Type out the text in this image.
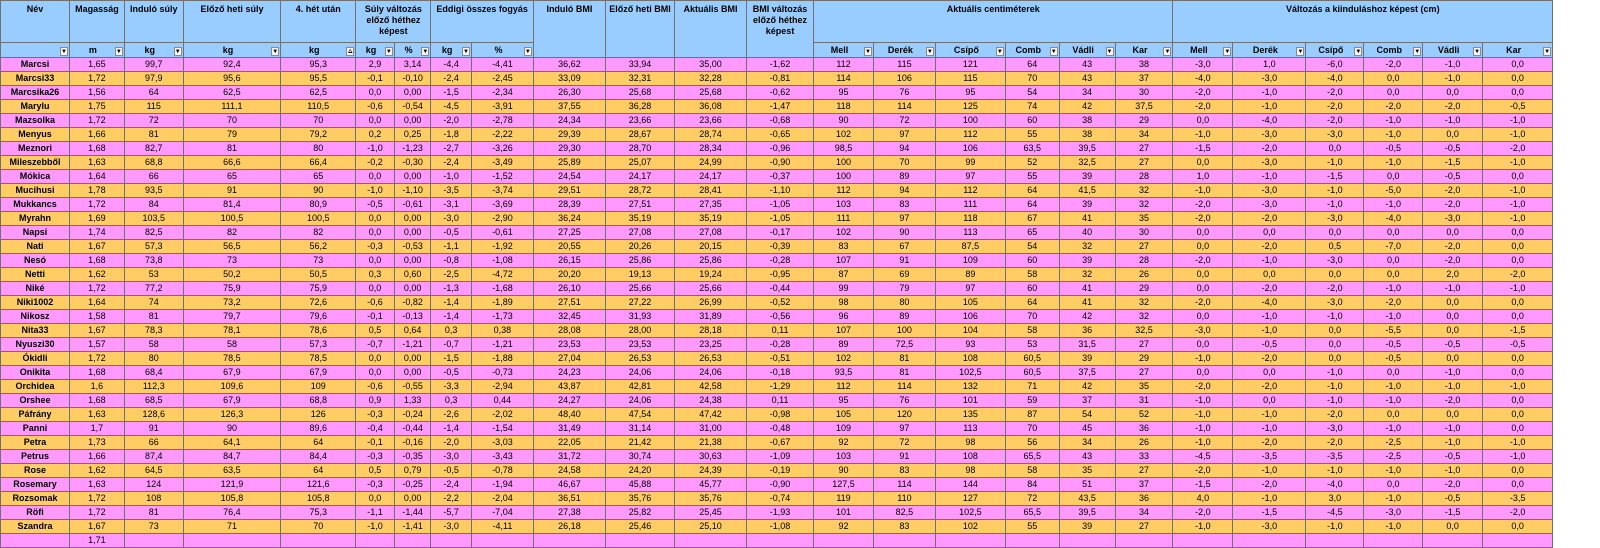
Név	Magasság	Induló súly	Előző heti súly	4. hét után	Súly változás előző héthez képest		Eddigi összes fogyás		Induló BMI	Előző heti BMI	Aktuális BMI	BMI változás előző héthez képest	Aktuális centiméterek						Változás a kiinduláshoz képest (cm)					

▼	m ▼	kg ▼	kg ▼	kg ⩠	kg ▼	% ▼	kg ▼	% ▼					Mell ▼	Derék ▼	Csípő ▼	Comb ▼	Vádli ▼	Kar ▼	Mell ▼	Derék ▼	Csípő ▼	Comb ▼	Vádli ▼	Kar ▼

Marcsi	1,65	99,7	92,4	95,3	2,9	3,14	-4,4	-4,41	36,62	33,94	35,00	-1,62	112	115	121	64	43	38	-3,0	1,0	-6,0	-2,0	-1,0	0,0
Marcsi33	1,72	97,9	95,6	95,5	-0,1	-0,10	-2,4	-2,45	33,09	32,31	32,28	-0,81	114	106	115	70	43	37	-4,0	-3,0	-4,0	0,0	-1,0	0,0
Marcsika26	1,56	64	62,5	62,5	0,0	0,00	-1,5	-2,34	26,30	25,68	25,68	-0,62	95	76	95	54	34	30	-2,0	-1,0	-2,0	0,0	0,0	0,0
Marylu	1,75	115	111,1	110,5	-0,6	-0,54	-4,5	-3,91	37,55	36,28	36,08	-1,47	118	114	125	74	42	37,5	-2,0	-1,0	-2,0	-2,0	-2,0	-0,5
Mazsolka	1,72	72	70	70	0,0	0,00	-2,0	-2,78	24,34	23,66	23,66	-0,68	90	72	100	60	38	29	0,0	-4,0	-2,0	-1,0	-1,0	-1,0
Menyus	1,66	81	79	79,2	0,2	0,25	-1,8	-2,22	29,39	28,67	28,74	-0,65	102	97	112	55	38	34	-1,0	-3,0	-3,0	-1,0	0,0	-1,0
Meznori	1,68	82,7	81	80	-1,0	-1,23	-2,7	-3,26	29,30	28,70	28,34	-0,96	98,5	94	106	63,5	39,5	27	-1,5	-2,0	0,0	-0,5	-0,5	-2,0
Mileszebből	1,63	68,8	66,6	66,4	-0,2	-0,30	-2,4	-3,49	25,89	25,07	24,99	-0,90	100	70	99	52	32,5	27	0,0	-3,0	-1,0	-1,0	-1,5	-1,0
Mókica	1,64	66	65	65	0,0	0,00	-1,0	-1,52	24,54	24,17	24,17	-0,37	100	89	97	55	39	28	1,0	-1,0	-1,5	0,0	-0,5	0,0
Mucihusi	1,78	93,5	91	90	-1,0	-1,10	-3,5	-3,74	29,51	28,72	28,41	-1,10	112	94	112	64	41,5	32	-1,0	-3,0	-1,0	-5,0	-2,0	-1,0
Mukkancs	1,72	84	81,4	80,9	-0,5	-0,61	-3,1	-3,69	28,39	27,51	27,35	-1,05	103	83	111	64	39	32	-2,0	-3,0	-1,0	-1,0	-2,0	-1,0
Myrahn	1,69	103,5	100,5	100,5	0,0	0,00	-3,0	-2,90	36,24	35,19	35,19	-1,05	111	97	118	67	41	35	-2,0	-2,0	-3,0	-4,0	-3,0	-1,0
Napsi	1,74	82,5	82	82	0,0	0,00	-0,5	-0,61	27,25	27,08	27,08	-0,17	102	90	113	65	40	30	0,0	0,0	0,0	0,0	0,0	0,0
Nati	1,67	57,3	56,5	56,2	-0,3	-0,53	-1,1	-1,92	20,55	20,26	20,15	-0,39	83	67	87,5	54	32	27	0,0	-2,0	0,5	-7,0	-2,0	0,0
Nesó	1,68	73,8	73	73	0,0	0,00	-0,8	-1,08	26,15	25,86	25,86	-0,28	107	91	109	60	39	28	-2,0	-1,0	-3,0	0,0	-2,0	0,0
Netti	1,62	53	50,2	50,5	0,3	0,60	-2,5	-4,72	20,20	19,13	19,24	-0,95	87	69	89	58	32	26	0,0	0,0	0,0	0,0	2,0	-2,0
Niké	1,72	77,2	75,9	75,9	0,0	0,00	-1,3	-1,68	26,10	25,66	25,66	-0,44	99	79	97	60	41	29	0,0	-2,0	-2,0	-1,0	-1,0	-1,0
Niki1002	1,64	74	73,2	72,6	-0,6	-0,82	-1,4	-1,89	27,51	27,22	26,99	-0,52	98	80	105	64	41	32	-2,0	-4,0	-3,0	-2,0	0,0	0,0
Nikosz	1,58	81	79,7	79,6	-0,1	-0,13	-1,4	-1,73	32,45	31,93	31,89	-0,56	96	89	106	70	42	32	0,0	-1,0	-1,0	-1,0	0,0	0,0
Nita33	1,67	78,3	78,1	78,6	0,5	0,64	0,3	0,38	28,08	28,00	28,18	0,11	107	100	104	58	36	32,5	-3,0	-1,0	0,0	-5,5	0,0	-1,5
Nyuszi30	1,57	58	58	57,3	-0,7	-1,21	-0,7	-1,21	23,53	23,53	23,25	-0,28	89	72,5	93	53	31,5	27	0,0	-0,5	0,0	-0,5	-0,5	-0,5
Ókidli	1,72	80	78,5	78,5	0,0	0,00	-1,5	-1,88	27,04	26,53	26,53	-0,51	102	81	108	60,5	39	29	-1,0	-2,0	0,0	-0,5	0,0	0,0
Onikita	1,68	68,4	67,9	67,9	0,0	0,00	-0,5	-0,73	24,23	24,06	24,06	-0,18	93,5	81	102,5	60,5	37,5	27	0,0	0,0	-1,0	0,0	-1,0	0,0
Orchidea	1,6	112,3	109,6	109	-0,6	-0,55	-3,3	-2,94	43,87	42,81	42,58	-1,29	112	114	132	71	42	35	-2,0	-2,0	-1,0	-1,0	-1,0	-1,0
Orshee	1,68	68,5	67,9	68,8	0,9	1,33	0,3	0,44	24,27	24,06	24,38	0,11	95	76	101	59	37	31	-1,0	0,0	-1,0	-1,0	-2,0	0,0
Páfrány	1,63	128,6	126,3	126	-0,3	-0,24	-2,6	-2,02	48,40	47,54	47,42	-0,98	105	120	135	87	54	52	-1,0	-1,0	-2,0	0,0	0,0	0,0
Panni	1,7	91	90	89,6	-0,4	-0,44	-1,4	-1,54	31,49	31,14	31,00	-0,48	109	97	113	70	45	36	-1,0	-1,0	-3,0	-1,0	-1,0	0,0
Petra	1,73	66	64,1	64	-0,1	-0,16	-2,0	-3,03	22,05	21,42	21,38	-0,67	92	72	98	56	34	26	-1,0	-2,0	-2,0	-2,5	-1,0	-1,0
Petrus	1,66	87,4	84,7	84,4	-0,3	-0,35	-3,0	-3,43	31,72	30,74	30,63	-1,09	103	91	108	65,5	43	33	-4,5	-3,5	-3,5	-2,5	-0,5	-1,0
Rose	1,62	64,5	63,5	64	0,5	0,79	-0,5	-0,78	24,58	24,20	24,39	-0,19	90	83	98	58	35	27	-2,0	-1,0	-1,0	-1,0	-1,0	0,0
Rosemary	1,63	124	121,9	121,6	-0,3	-0,25	-2,4	-1,94	46,67	45,88	45,77	-0,90	127,5	114	144	84	51	37	-1,5	-2,0	-4,0	0,0	-2,0	0,0
Rozsomak	1,72	108	105,8	105,8	0,0	0,00	-2,2	-2,04	36,51	35,76	35,76	-0,74	119	110	127	72	43,5	36	4,0	-1,0	3,0	-1,0	-0,5	-3,5
Röfi	1,72	81	76,4	75,3	-1,1	-1,44	-5,7	-7,04	27,38	25,82	25,45	-1,93	101	82,5	102,5	65,5	39,5	34	-2,0	-1,5	-4,5	-3,0	-1,5	-2,0
Szandra	1,67	73	71	70	-1,0	-1,41	-3,0	-4,11	26,18	25,46	25,10	-1,08	92	83	102	55	39	27	-1,0	-3,0	-1,0	-1,0	0,0	0,0
	1,71																							
